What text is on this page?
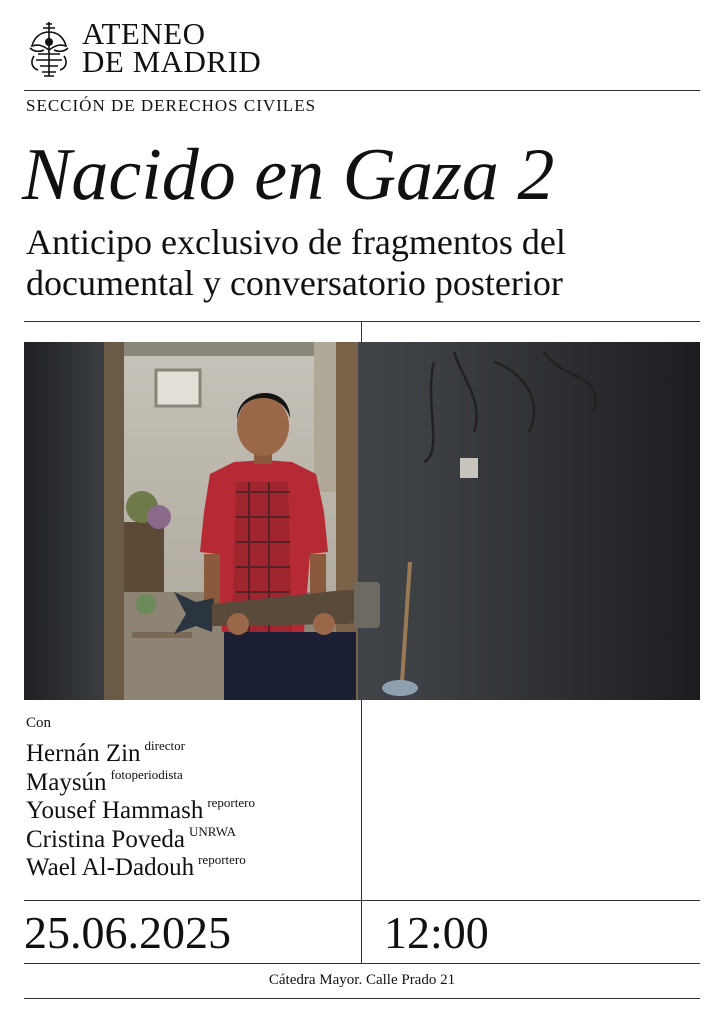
ATENEO
DE MADRID
SECCIÓN DE DERECHOS CIVILES
Nacido en Gaza 2
Anticipo exclusivo de fragmentos del
documental y conversatorio posterior
Con
Hernán Zin $^{director}$
Maysún $^{fotoperiodista}$
Yousef Hammash $^{reportero}$
Cristina Poveda $^{UNRWA}$
Wael Al-Dadouh $^{reportero}$
25.06.2025	12:00
Cátedra Mayor. Calle Prado 21
